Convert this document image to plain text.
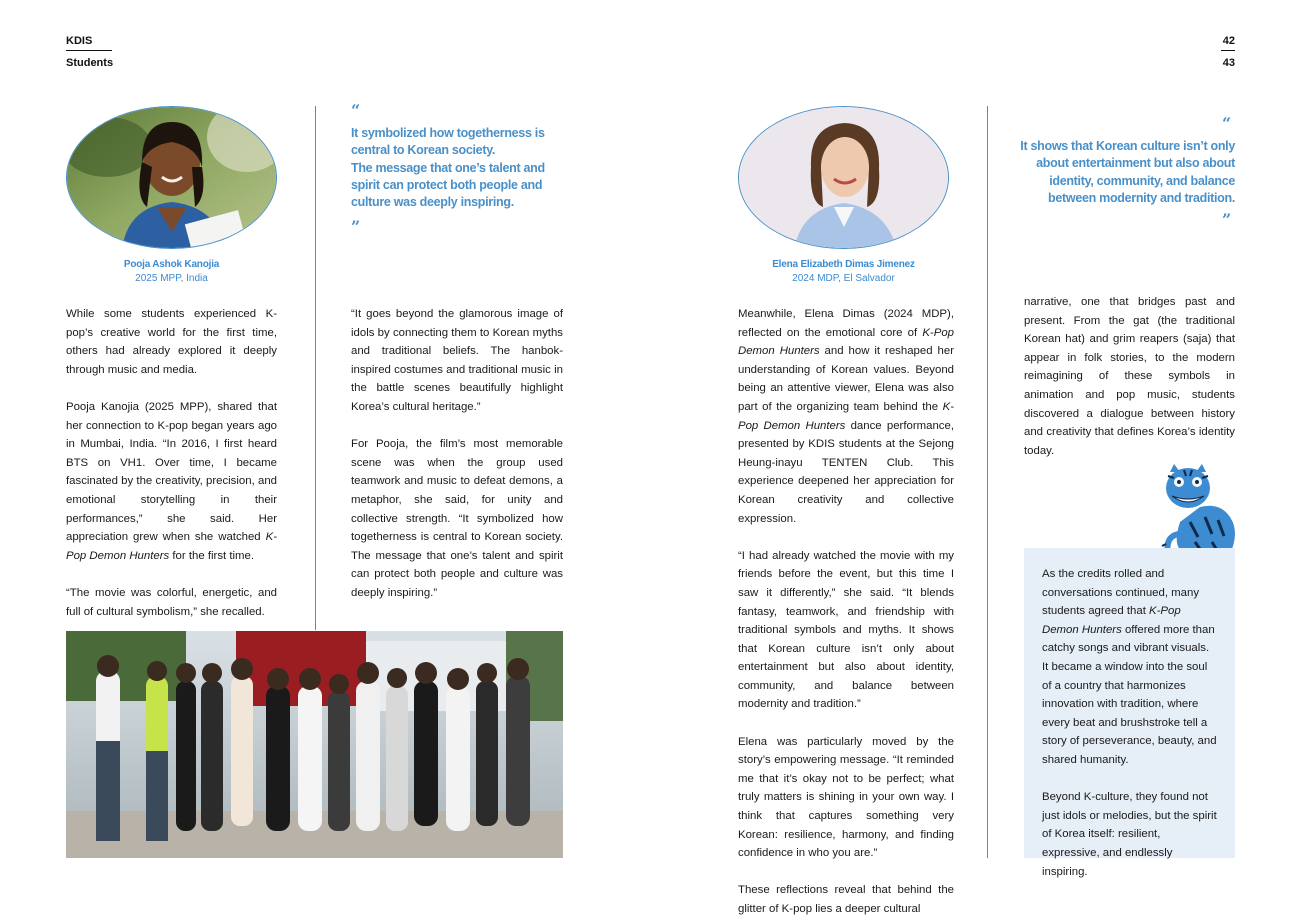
KDIS
Students
42
43
Pooja Ashok Kanojia
2025 MPP, India
“
It symbolized how togetherness is central to Korean society.
The message that one’s talent and spirit can protect both people and culture was deeply inspiring.
”

While some students experienced K-pop’s creative world for the first time, others had already explored it deeply through music and media.

Pooja Kanojia (2025 MPP), shared that her connection to K-pop began years ago in Mumbai, India. “In 2016, I first heard BTS on VH1. Over time, I became fascinated by the creativity, precision, and emotional storytelling in their performances,” she said. Her appreciation grew when she watched K-Pop Demon Hunters for the first time.

“The movie was colorful, energetic, and full of cultural symbolism,” she recalled.

“It goes beyond the glamorous image of idols by connecting them to Korean myths and traditional beliefs. The hanbok-inspired costumes and traditional music in the battle scenes beautifully highlight Korea’s cultural heritage.”

For Pooja, the film’s most memorable scene was when the group used teamwork and music to defeat demons, a metaphor, she said, for unity and collective strength. “It symbolized how togetherness is central to Korean society. The message that one’s talent and spirit can protect both people and culture was deeply inspiring.”

Elena Elizabeth Dimas Jimenez
2024 MDP, El Salvador
“
It shows that Korean culture isn’t only about entertainment but also about identity, community, and balance between modernity and tradition.
”

Meanwhile, Elena Dimas (2024 MDP), reflected on the emotional core of K-Pop Demon Hunters and how it reshaped her understanding of Korean values. Beyond being an attentive viewer, Elena was also part of the organizing team behind the K-Pop Demon Hunters dance performance, presented by KDIS students at the Sejong Heung-inayu TENTEN Club. This experience deepened her appreciation for Korean creativity and collective expression.

“I had already watched the movie with my friends before the event, but this time I saw it differently,” she said. “It blends fantasy, teamwork, and friendship with traditional symbols and myths. It shows that Korean culture isn’t only about entertainment but also about identity, community, and balance between modernity and tradition.”

Elena was particularly moved by the story’s empowering message. “It reminded me that it’s okay not to be perfect; what truly matters is shining in your own way. I think that captures something very Korean: resilience, harmony, and finding confidence in who you are.”

These reflections reveal that behind the glitter of K-pop lies a deeper cultural

narrative, one that bridges past and present. From the gat (the traditional Korean hat) and grim reapers (saja) that appear in folk stories, to the modern reimagining of these symbols in animation and pop music, students discovered a dialogue between history and creativity that defines Korea’s identity today.

As the credits rolled and conversations continued, many students agreed that K-Pop Demon Hunters offered more than catchy songs and vibrant visuals. It became a window into the soul of a country that harmonizes innovation with tradition, where every beat and brushstroke tell a story of perseverance, beauty, and shared humanity.

Beyond K-culture, they found not just idols or melodies, but the spirit of Korea itself: resilient, expressive, and endlessly inspiring.
